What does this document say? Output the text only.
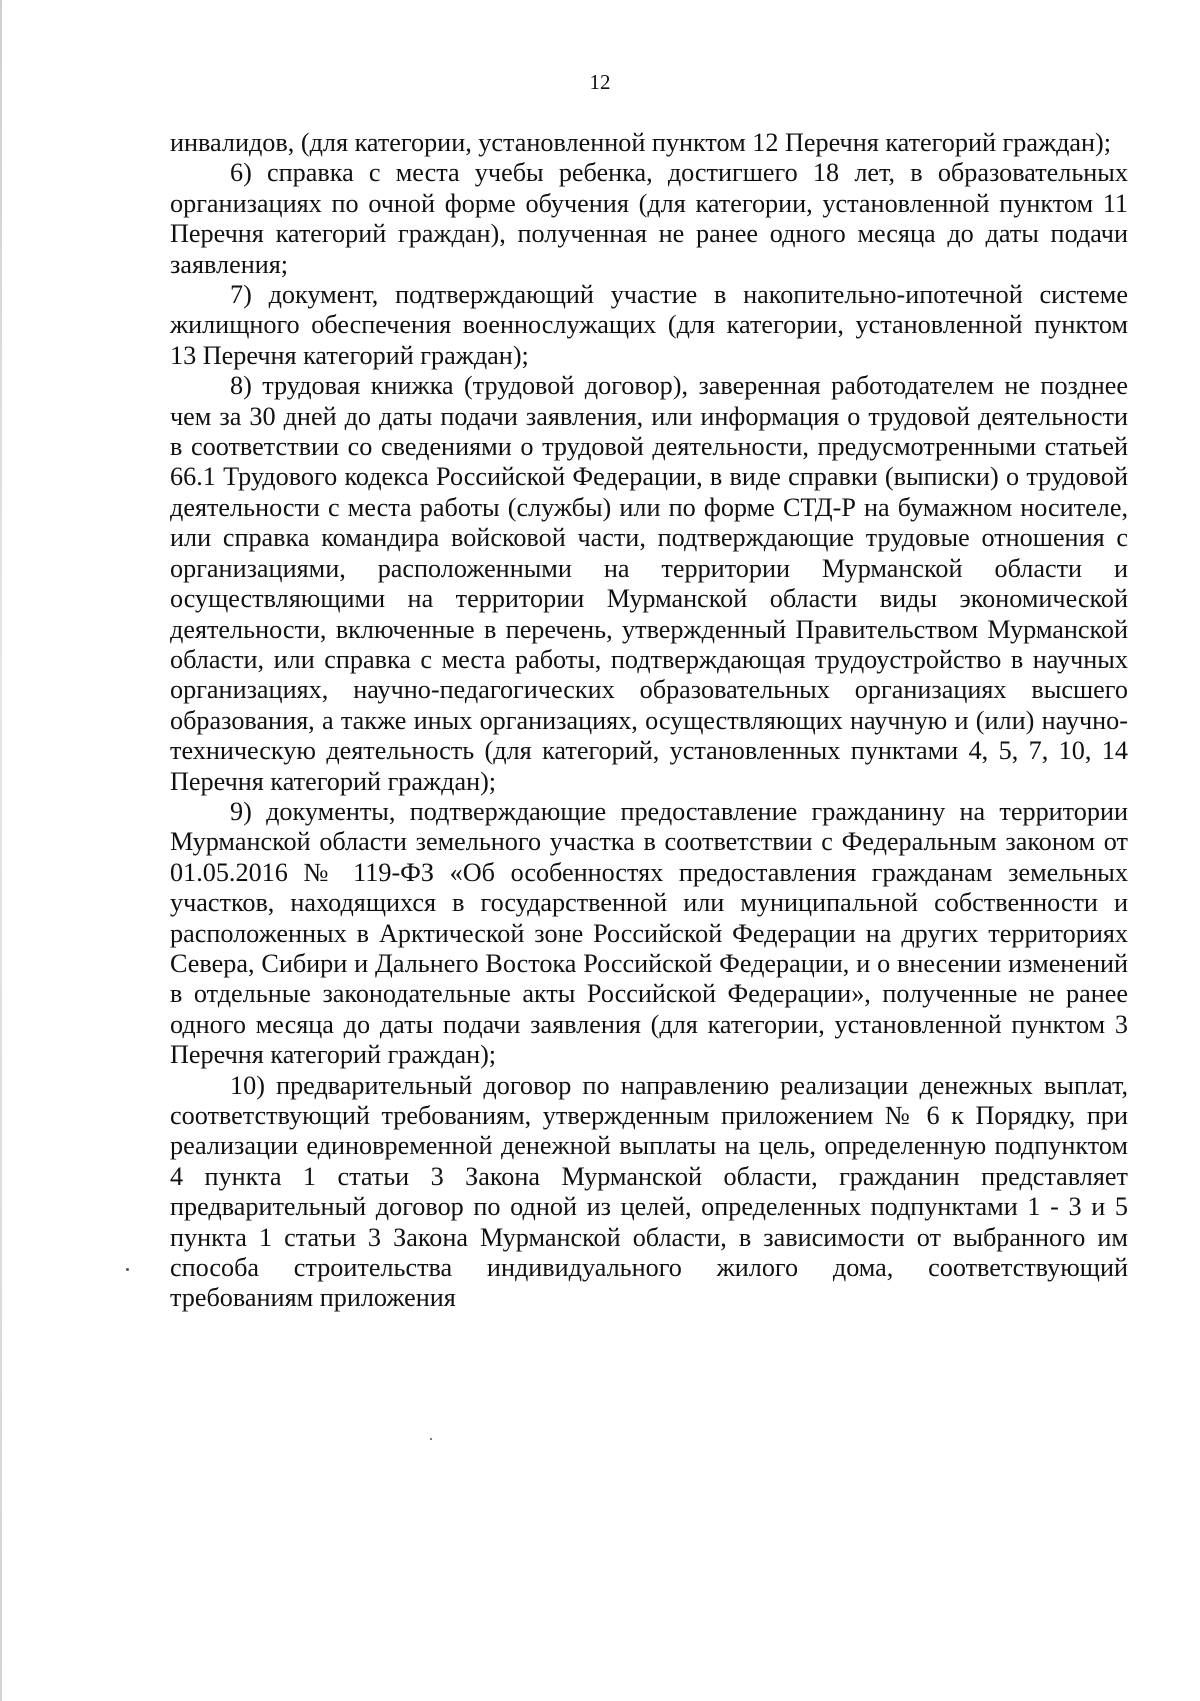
12

инвалидов, (для категории, установленной пунктом 12 Перечня категорий граждан);

6) справка с места учебы ребенка, достигшего 18 лет, в образовательных организациях по очной форме обучения (для категории, установленной пунктом 11 Перечня категорий граждан), полученная не ранее одного месяца до даты подачи заявления;

7) документ, подтверждающий участие в накопительно-ипотечной системе жилищного обеспечения военнослужащих (для категории, установленной пунктом 13 Перечня категорий граждан);

8) трудовая книжка (трудовой договор), заверенная работодателем не позднее чем за 30 дней до даты подачи заявления, или информация о трудовой деятельности в соответствии со сведениями о трудовой деятельности, предусмотренными статьей 66.1 Трудового кодекса Российской Федерации, в виде справки (выписки) о трудовой деятельности с места работы (службы) или по форме СТД-Р на бумажном носителе, или справка командира войсковой части, подтверждающие трудовые отношения с организациями, расположенными на территории Мурманской области и осуществляющими на территории Мурманской области виды экономической деятельности, включенные в перечень, утвержденный Правительством Мурманской области, или справка с места работы, подтверждающая трудоустройство в научных организациях, научно-педагогических образовательных организациях высшего образования, а также иных организациях, осуществляющих научную и (или) научно-техническую деятельность (для категорий, установленных пунктами 4, 5, 7, 10, 14 Перечня категорий граждан);

9) документы, подтверждающие предоставление гражданину на территории Мурманской области земельного участка в соответствии с Федеральным законом от 01.05.2016 № 119-ФЗ «Об особенностях предоставления гражданам земельных участков, находящихся в государственной или муниципальной собственности и расположенных в Арктической зоне Российской Федерации на других территориях Севера, Сибири и Дальнего Востока Российской Федерации, и о внесении изменений в отдельные законодательные акты Российской Федерации», полученные не ранее одного месяца до даты подачи заявления (для категории, установленной пунктом 3 Перечня категорий граждан);

10) предварительный договор по направлению реализации денежных выплат, соответствующий требованиям, утвержденным приложением № 6 к Порядку, при реализации единовременной денежной выплаты на цель, определенную подпунктом 4 пункта 1 статьи 3 Закона Мурманской области, гражданин представляет предварительный договор по одной из целей, определенных подпунктами 1 - 3 и 5 пункта 1 статьи 3 Закона Мурманской области, в зависимости от выбранного им способа строительства индивидуального жилого дома, соответствующий требованиям приложения
